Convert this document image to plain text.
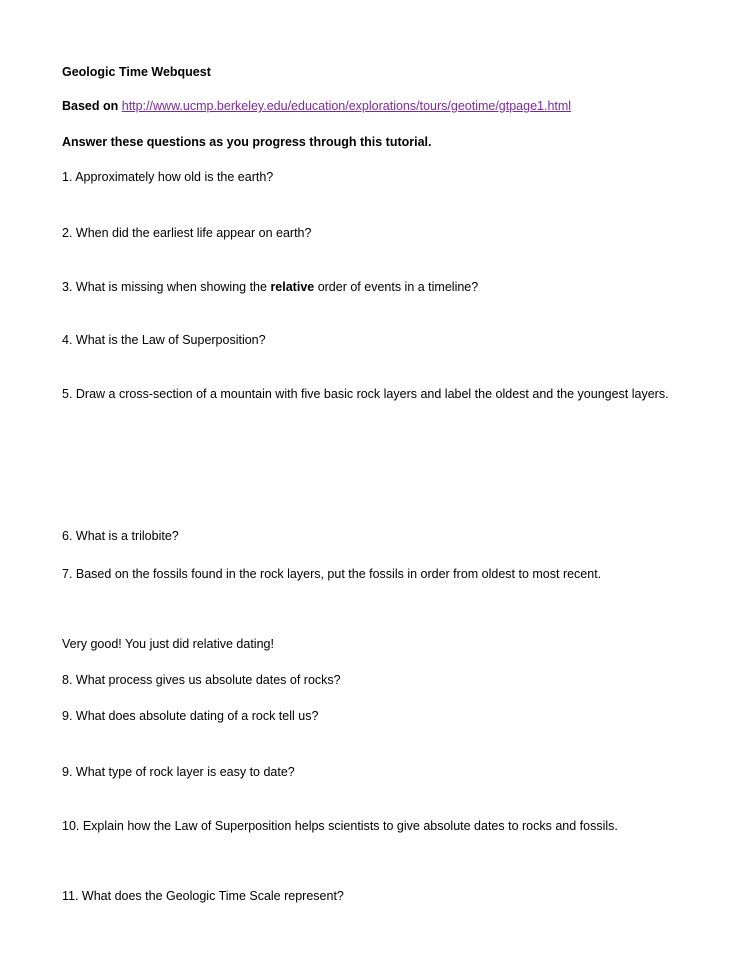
Geologic Time Webquest
Based on http://www.ucmp.berkeley.edu/education/explorations/tours/geotime/gtpage1.html
Answer these questions as you progress through this tutorial.
1. Approximately how old is the earth?
2. When did the earliest life appear on earth?
3. What is missing when showing the relative order of events in a timeline?
4. What is the Law of Superposition?
5. Draw a cross-section of a mountain with five basic rock layers and label the oldest and the youngest layers.
6. What is a trilobite?
7. Based on the fossils found in the rock layers, put the fossils in order from oldest to most recent.
Very good! You just did relative dating!
8. What process gives us absolute dates of rocks?
9. What does absolute dating of a rock tell us?
9. What type of rock layer is easy to date?
10. Explain how the Law of Superposition helps scientists to give absolute dates to rocks and fossils.
11. What does the Geologic Time Scale represent?
